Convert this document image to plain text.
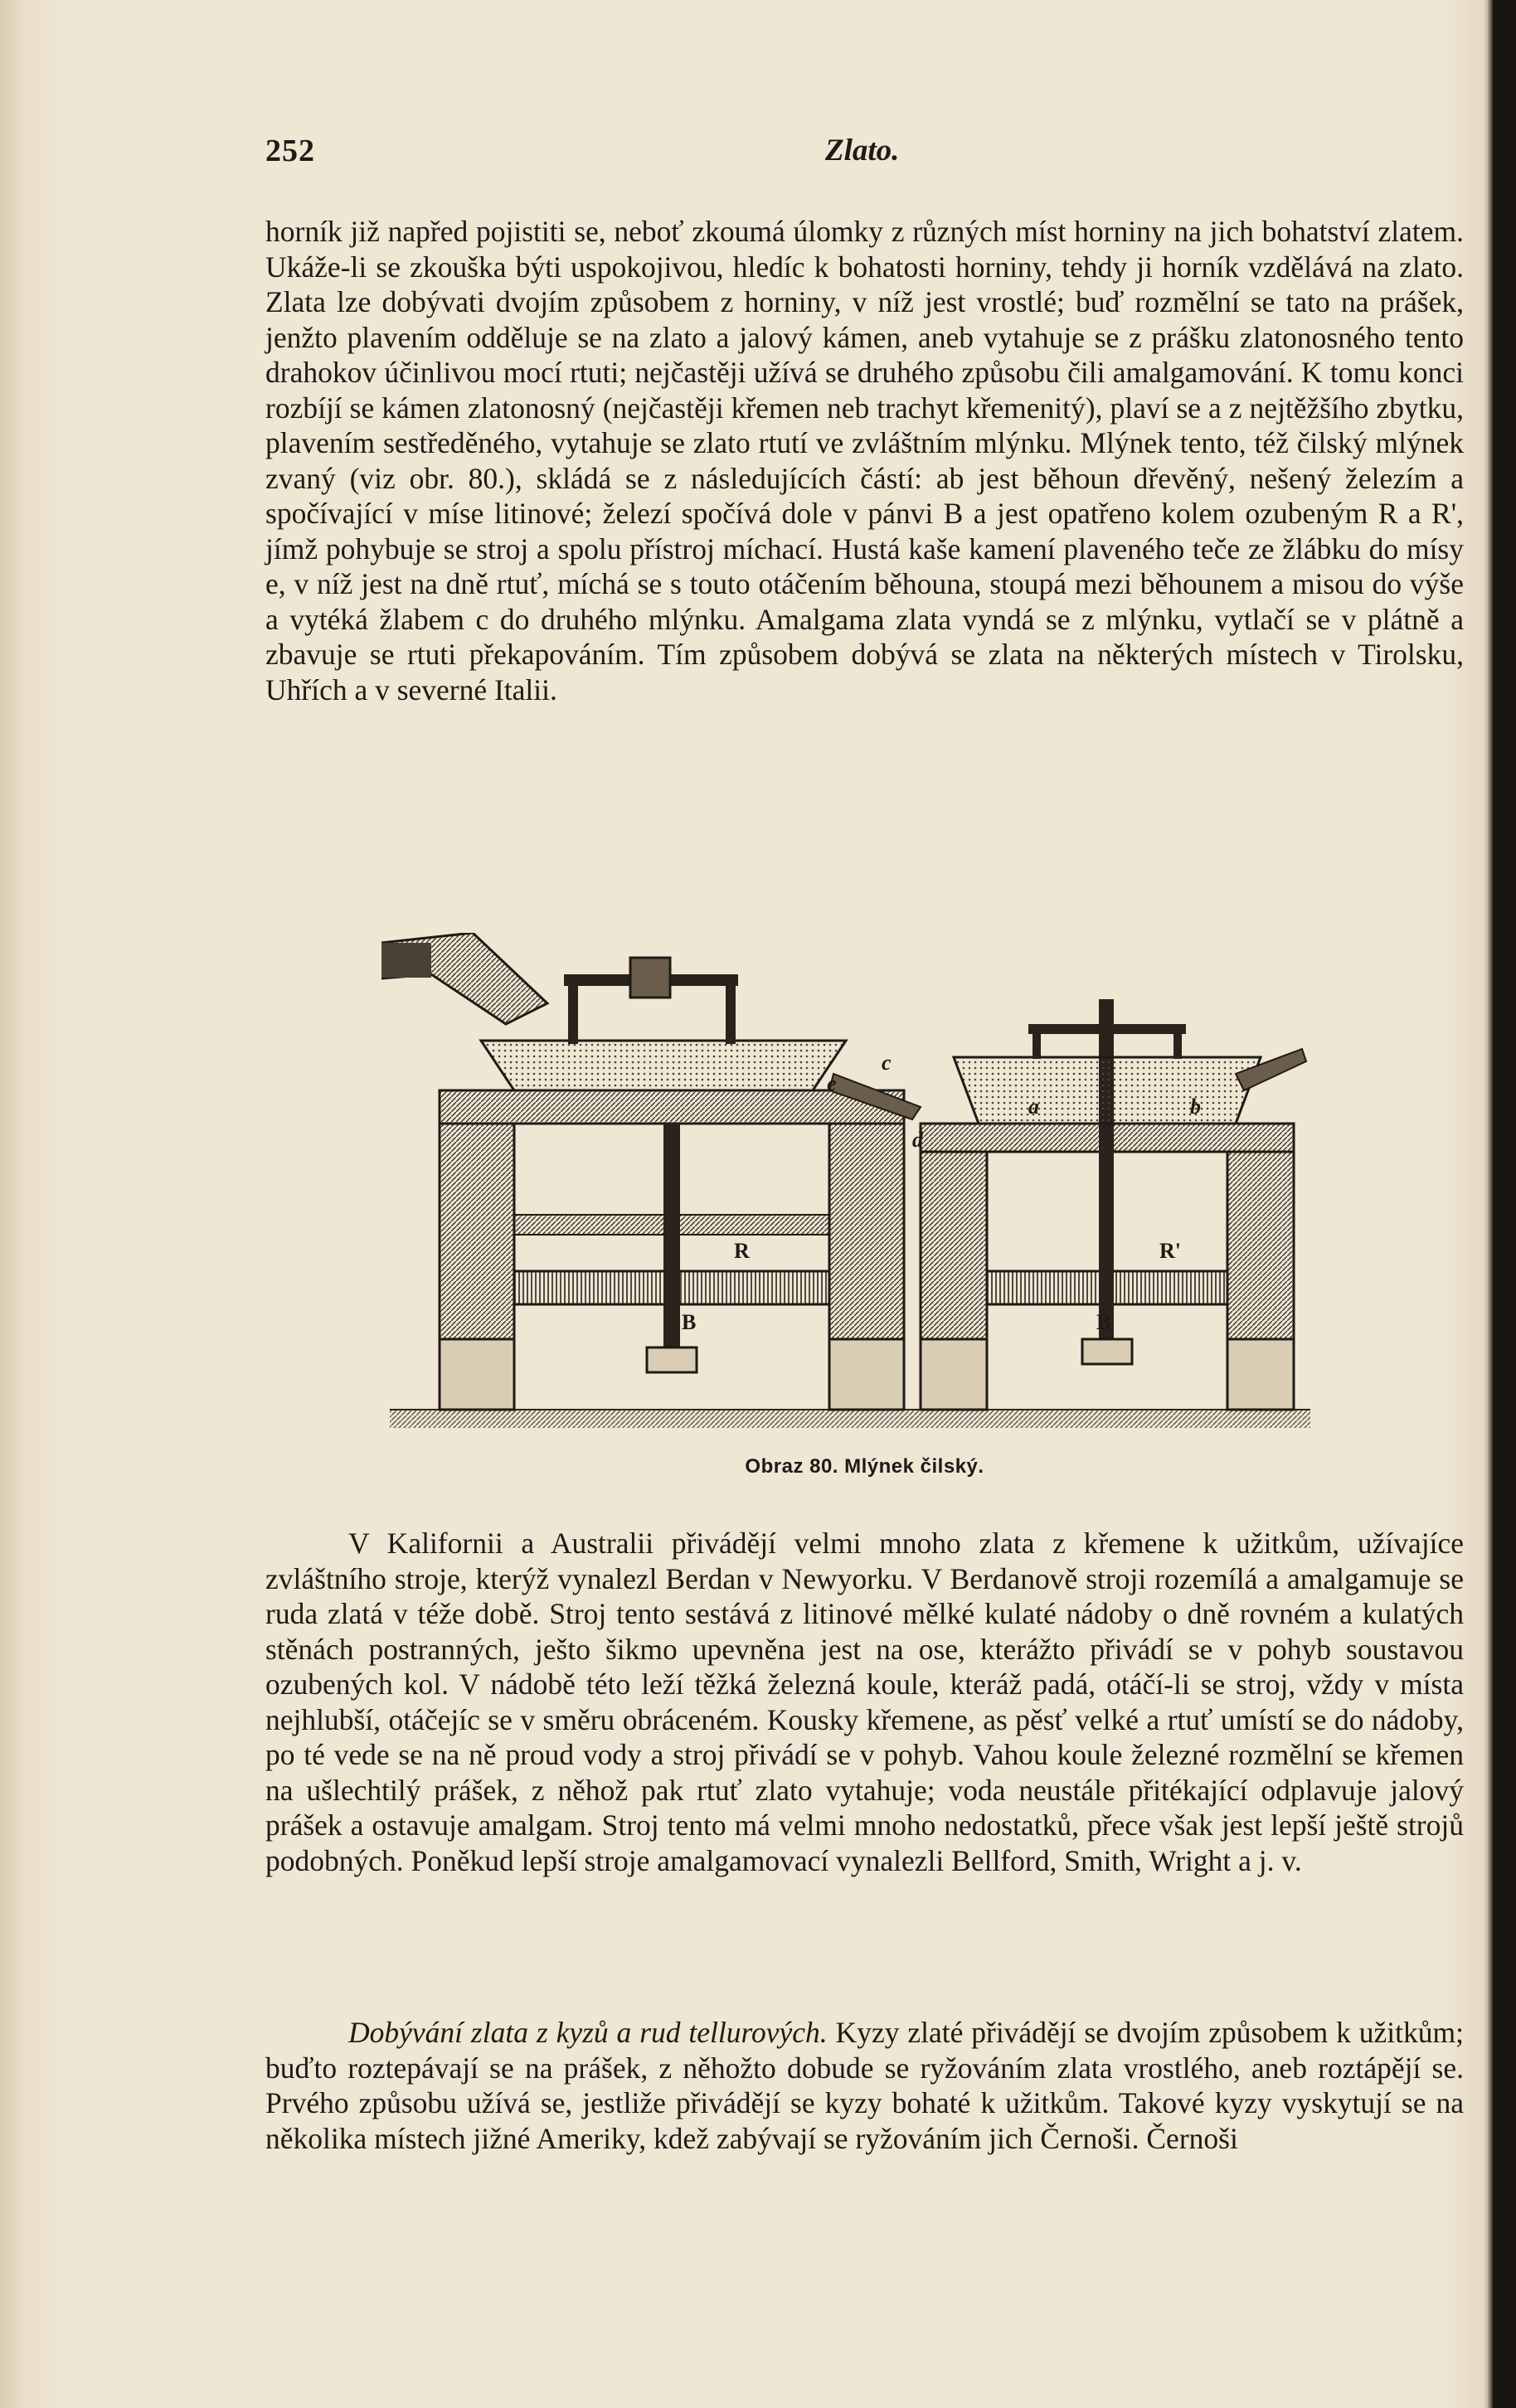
252	Zlato.
horník již napřed pojistiti se, neboť zkoumá úlomky z různých míst horniny na jich bohatství zlatem. Ukáže-li se zkouška býti uspokojivou, hledíc k bohatosti horniny, tehdy ji horník vzdělává na zlato. Zlata lze dobývati dvojím způsobem z horniny, v níž jest vrostlé; buď rozmělní se tato na prášek, jenžto plavením odděluje se na zlato a jalový kámen, aneb vytahuje se z prášku zlatonosného tento drahokov účinlivou mocí rtuti; nejčastěji užívá se druhého způsobu čili amalgamování. K tomu konci rozbíjí se kámen zlatonosný (nejčastěji křemen neb trachyt křemenitý), plaví se a z nejtěžšího zbytku, plavením sestředěného, vytahuje se zlato rtutí ve zvláštním mlýnku. Mlýnek tento, též čilský mlýnek zvaný (viz obr. 80.), skládá se z následujících částí: ab jest běhoun dřevěný, nešený železím a spočívající v míse litinové; železí spočívá dole v pánvi B a jest opatřeno kolem ozubeným R a R', jímž pohybuje se stroj a spolu přístroj míchací. Hustá kaše kamení plaveného teče ze žlábku do mísy e, v níž jest na dně rtuť, míchá se s touto otáčením běhouna, stoupá mezi běhounem a misou do výše a vytéká žlabem c do druhého mlýnku. Amalgama zlata vyndá se z mlýnku, vytlačí se v plátně a zbavuje se rtuti překapováním. Tím způsobem dobývá se zlata na některých místech v Tirolsku, Uhřích a v severné Italii.
e
c
a	b
d
R	R'
B	B
Obraz 80. Mlýnek čilský.
V Kalifornii a Australii přivádějí velmi mnoho zlata z křemene k užitkům, užívajíce zvláštního stroje, kterýž vynalezl Berdan v Newyorku. V Berdanově stroji rozemílá a amalgamuje se ruda zlatá v téže době. Stroj tento sestává z litinové mělké kulaté nádoby o dně rovném a kulatých stěnách postranných, ješto šikmo upevněna jest na ose, kterážto přivádí se v pohyb soustavou ozubených kol. V nádobě této leží těžká železná koule, kteráž padá, otáčí-li se stroj, vždy v místa nejhlubší, otáčejíc se v směru obráceném. Kousky křemene, as pěsť velké a rtuť umístí se do nádoby, po té vede se na ně proud vody a stroj přivádí se v pohyb. Vahou koule železné rozmělní se křemen na ušlechtilý prášek, z něhož pak rtuť zlato vytahuje; voda neustále přitékající odplavuje jalový prášek a ostavuje amalgam. Stroj tento má velmi mnoho nedostatků, přece však jest lepší ještě strojů podobných. Poněkud lepší stroje amalgamovací vynalezli Bellford, Smith, Wright a j. v.
Dobývání zlata z kyzů a rud tellurových. Kyzy zlaté přivádějí se dvojím způsobem k užitkům; buďto roztepávají se na prášek, z něhožto dobude se ryžováním zlata vrostlého, aneb roztápějí se. Prvého způsobu užívá se, jestliže přivádějí se kyzy bohaté k užitkům. Takové kyzy vyskytují se na několika místech jižné Ameriky, kdež zabývají se ryžováním jich Černoši. Černoši
